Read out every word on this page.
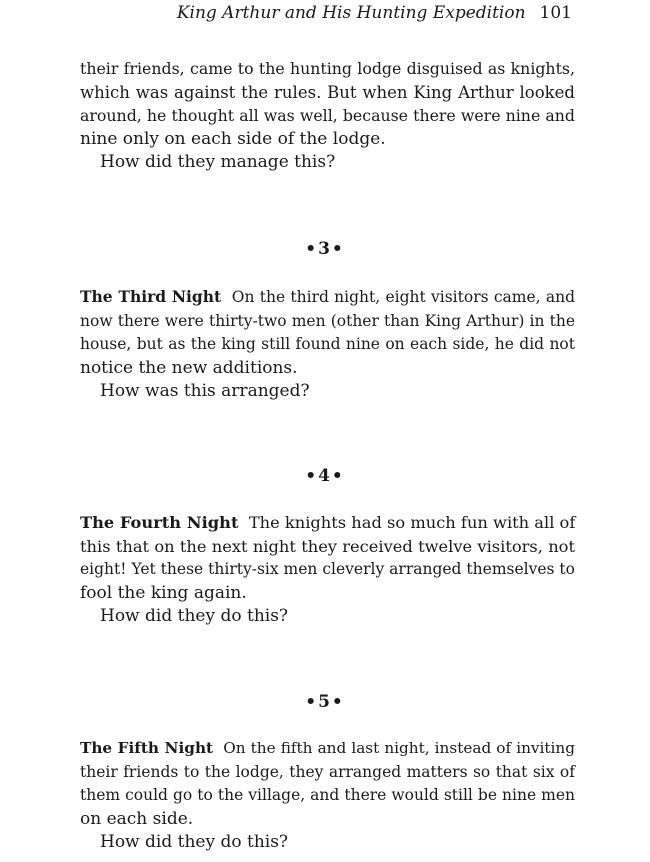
King Arthur and His Hunting Expedition 101
their friends, came to the hunting lodge disguised as knights,
which was against the rules. But when King Arthur looked
around, he thought all was well, because there were nine and
nine only on each side of the lodge.
How did they manage this?
•3•
The Third Night On the third night, eight visitors came, and
now there were thirty-two men (other than King Arthur) in the
house, but as the king still found nine on each side, he did not
notice the new additions.
How was this arranged?
•4•
The Fourth Night The knights had so much fun with all of
this that on the next night they received twelve visitors, not
eight! Yet these thirty-six men cleverly arranged themselves to
fool the king again.
How did they do this?
•5•
The Fifth Night On the fifth and last night, instead of inviting
their friends to the lodge, they arranged matters so that six of
them could go to the village, and there would still be nine men
on each side.
How did they do this?
